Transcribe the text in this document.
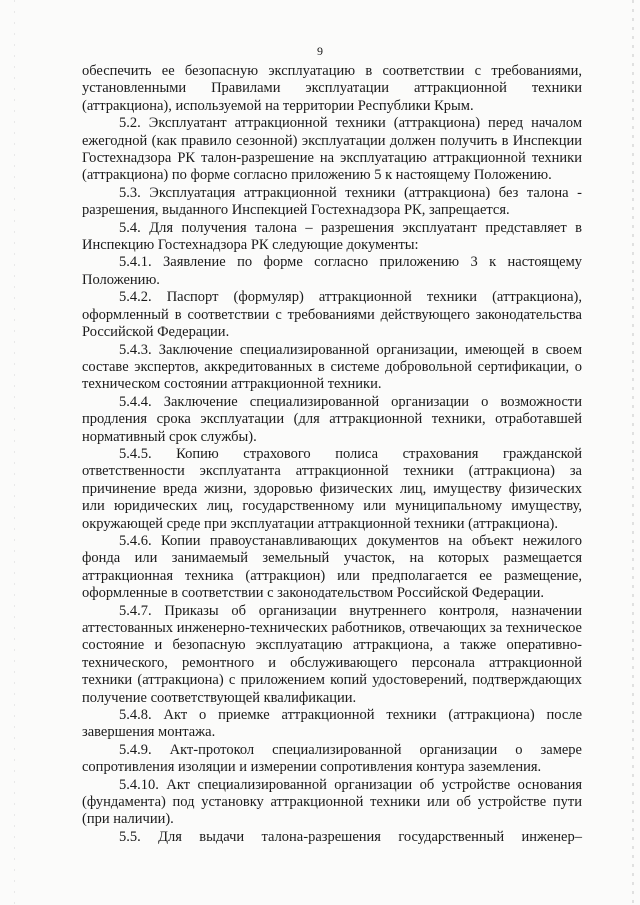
9

обеспечить ее безопасную эксплуатацию в соответствии с требованиями, установленными Правилами эксплуатации аттракционной техники (аттракциона), используемой на территории Республики Крым.

5.2. Эксплуатант аттракционной техники (аттракциона) перед началом ежегодной (как правило сезонной) эксплуатации должен получить в Инспекции Гостехнадзора РК талон-разрешение на эксплуатацию аттракционной техники (аттракциона) по форме согласно приложению 5 к настоящему Положению.

5.3. Эксплуатация аттракционной техники (аттракциона) без талона - разрешения, выданного Инспекцией Гостехнадзора РК, запрещается.

5.4. Для получения талона – разрешения эксплуатант представляет в Инспекцию Гостехнадзора РК следующие документы:

5.4.1. Заявление по форме согласно приложению 3 к настоящему Положению.

5.4.2. Паспорт (формуляр) аттракционной техники (аттракциона), оформленный в соответствии с требованиями действующего законодательства Российской Федерации.

5.4.3. Заключение специализированной организации, имеющей в своем составе экспертов, аккредитованных в системе добровольной сертификации, о техническом состоянии аттракционной техники.

5.4.4. Заключение специализированной организации о возможности продления срока эксплуатации (для аттракционной техники, отработавшей нормативный срок службы).

5.4.5. Копию страхового полиса страхования гражданской ответственности эксплуатанта аттракционной техники (аттракциона) за причинение вреда жизни, здоровью физических лиц, имуществу физических или юридических лиц, государственному или муниципальному имуществу, окружающей среде при эксплуатации аттракционной техники (аттракциона).

5.4.6. Копии правоустанавливающих документов на объект нежилого фонда или занимаемый земельный участок, на которых размещается аттракционная техника (аттракцион) или предполагается ее размещение, оформленные в соответствии с законодательством Российской Федерации.

5.4.7. Приказы об организации внутреннего контроля, назначении аттестованных инженерно-технических работников, отвечающих за техническое состояние и безопасную эксплуатацию аттракциона, а также оперативно-технического, ремонтного и обслуживающего персонала аттракционной техники (аттракциона) с приложением копий удостоверений, подтверждающих получение соответствующей квалификации.

5.4.8. Акт о приемке аттракционной техники (аттракциона) после завершения монтажа.

5.4.9. Акт-протокол специализированной организации о замере сопротивления изоляции и измерении сопротивления контура заземления.

5.4.10. Акт специализированной организации об устройстве основания (фундамента) под установку аттракционной техники или об устройстве пути (при наличии).

5.5. Для выдачи талона-разрешения государственный инженер–
